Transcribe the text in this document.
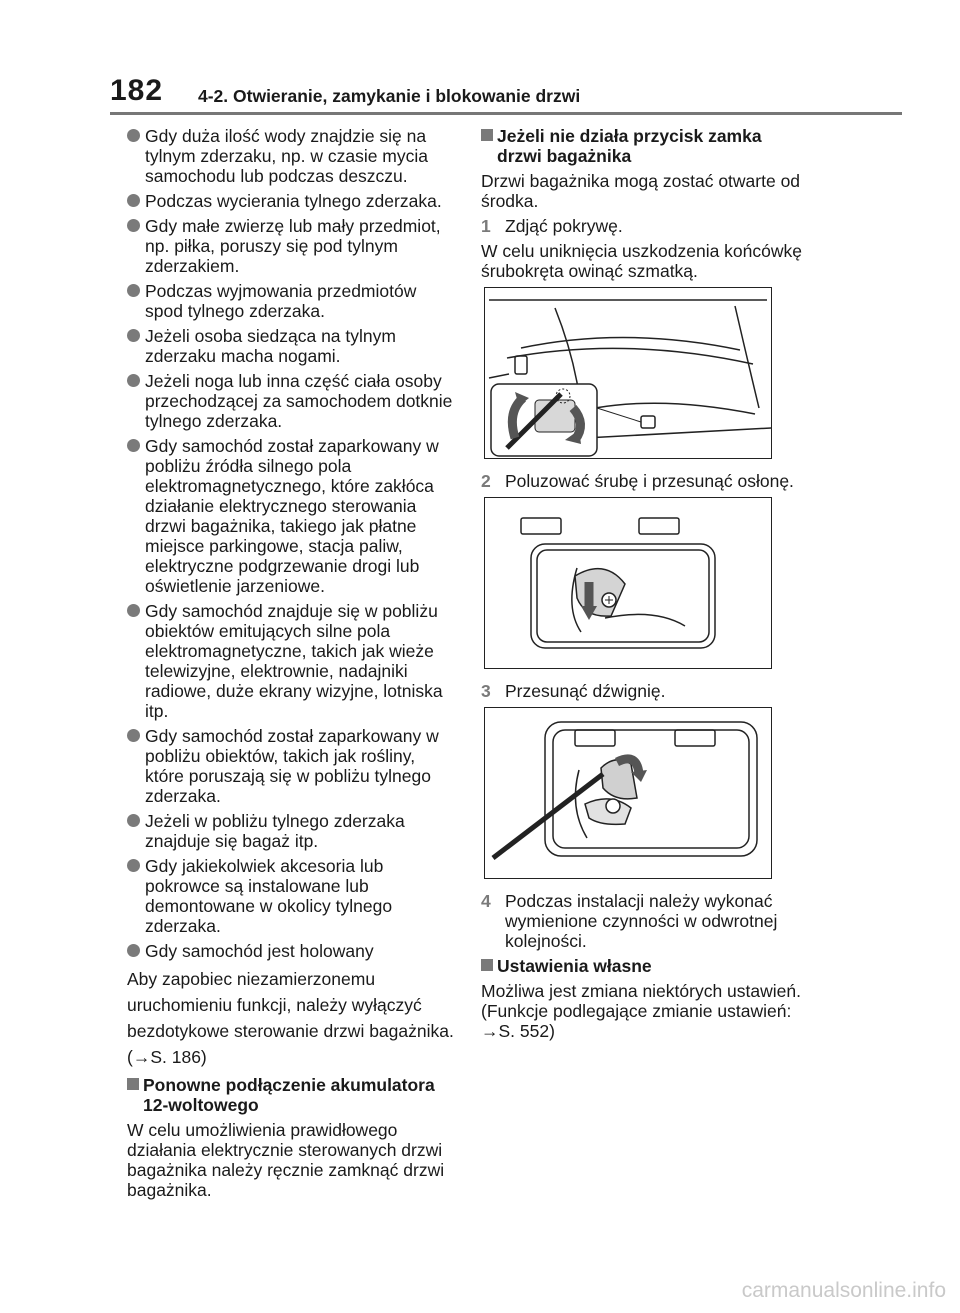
182 4-2. Otwieranie, zamykanie i blokowanie drzwi
Gdy duża ilość wody znajdzie się na tylnym zderzaku, np. w czasie mycia samochodu lub podczas deszczu.
Podczas wycierania tylnego zderzaka.
Gdy małe zwierzę lub mały przedmiot, np. piłka, poruszy się pod tylnym zderzakiem.
Podczas wyjmowania przedmiotów spod tylnego zderzaka.
Jeżeli osoba siedząca na tylnym zderzaku macha nogami.
Jeżeli noga lub inna część ciała osoby przechodzącej za samochodem dotknie tylnego zderzaka.
Gdy samochód został zaparkowany w pobliżu źródła silnego pola elektromagnetycznego, które zakłóca działanie elektrycznego sterowania drzwi bagażnika, takiego jak płatne miejsce parkingowe, stacja paliw, elektryczne podgrzewanie drogi lub oświetlenie jarzeniowe.
Gdy samochód znajduje się w pobliżu obiektów emitujących silne pola elektromagnetyczne, takich jak wieże telewizyjne, elektrownie, nadajniki radiowe, duże ekrany wizyjne, lotniska itp.
Gdy samochód został zaparkowany w pobliżu obiektów, takich jak rośliny, które poruszają się w pobliżu tylnego zderzaka.
Jeżeli w pobliżu tylnego zderzaka znajduje się bagaż itp.
Gdy jakiekolwiek akcesoria lub pokrowce są instalowane lub demontowane w okolicy tylnego zderzaka.
Gdy samochód jest holowany
Aby zapobiec niezamierzonemu uruchomieniu funkcji, należy wyłączyć bezdotykowe sterowanie drzwi bagażnika.
(→S. 186)
Ponowne podłączenie akumulatora 12-woltowego
W celu umożliwienia prawidłowego działania elektrycznie sterowanych drzwi bagażnika należy ręcznie zamknąć drzwi bagażnika.
Jeżeli nie działa przycisk zamka drzwi bagażnika
Drzwi bagażnika mogą zostać otwarte od środka.
1 Zdjąć pokrywę.
W celu uniknięcia uszkodzenia końcówkę śrubokręta owinąć szmatką.
2 Poluzować śrubę i przesunąć osłonę.
3 Przesunąć dźwignię.
4 Podczas instalacji należy wykonać wymienione czynności w odwrotnej kolejności.
Ustawienia własne
Możliwa jest zmiana niektórych ustawień. (Funkcje podlegające zmianie ustawień: →S. 552)
carmanualsonline.info
